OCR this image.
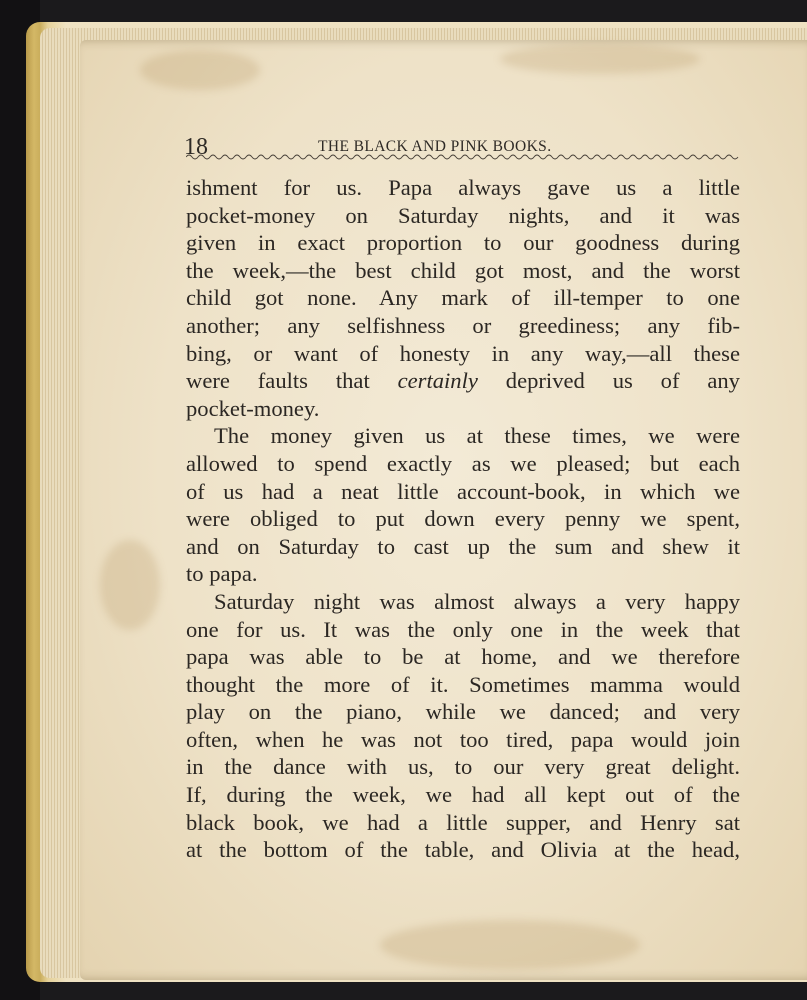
18	THE BLACK AND PINK BOOKS.
ishment for us. Papa always gave us a little
pocket-money on Saturday nights, and it was
given in exact proportion to our goodness during
the week,—the best child got most, and the worst
child got none. Any mark of ill-temper to one
another; any selfishness or greediness; any fib-
bing, or want of honesty in any way,—all these
were faults that certainly deprived us of any
pocket-money.
The money given us at these times, we were
allowed to spend exactly as we pleased; but each
of us had a neat little account-book, in which we
were obliged to put down every penny we spent,
and on Saturday to cast up the sum and shew it
to papa.
Saturday night was almost always a very happy
one for us. It was the only one in the week that
papa was able to be at home, and we therefore
thought the more of it. Sometimes mamma would
play on the piano, while we danced; and very
often, when he was not too tired, papa would join
in the dance with us, to our very great delight.
If, during the week, we had all kept out of the
black book, we had a little supper, and Henry sat
at the bottom of the table, and Olivia at the head,
